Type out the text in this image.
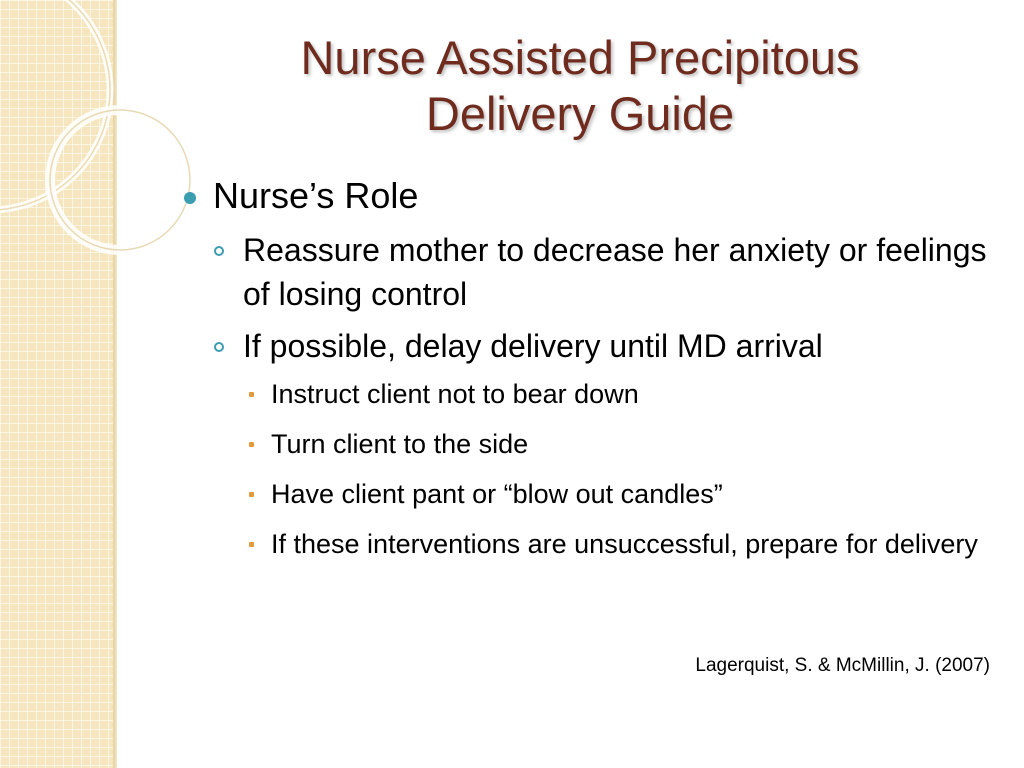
Nurse Assisted Precipitous
Delivery Guide
Nurse’s Role
Reassure mother to decrease her anxiety or feelings of losing control
If possible, delay delivery until MD arrival
Instruct client not to bear down
Turn client to the side
Have client pant or “blow out candles”
If these interventions are unsuccessful, prepare for delivery
Lagerquist, S. & McMillin, J. (2007)
